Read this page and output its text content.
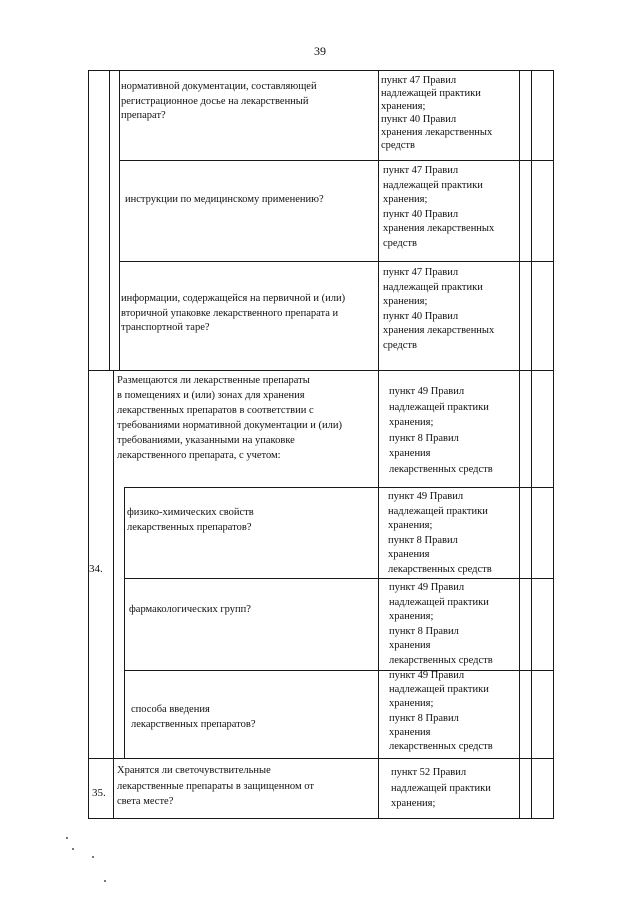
39
нормативной документации, составляющей
регистрационное досье на лекарственный
препарат?
пункт 47 Правил
надлежащей практики
хранения;
пункт 40 Правил
хранения лекарственных
средств
инструкции по медицинскому применению?
пункт 47 Правил
надлежащей практики
хранения;
пункт 40 Правил
хранения лекарственных
средств
информации, содержащейся на первичной и (или)
вторичной упаковке лекарственного препарата и
транспортной таре?
пункт 47 Правил
надлежащей практики
хранения;
пункт 40 Правил
хранения лекарственных
средств
Размещаются ли лекарственные препараты
в помещениях и (или) зонах для хранения
лекарственных препаратов в соответствии с
требованиями нормативной документации и (или)
требованиями, указанными на упаковке
лекарственного препарата, с учетом:
пункт 49 Правил
надлежащей практики
хранения;
пункт 8 Правил
хранения
лекарственных средств
физико-химических свойств
лекарственных препаратов?
пункт 49 Правил
надлежащей практики
хранения;
пункт 8 Правил
хранения
лекарственных средств
фармакологических групп?
пункт 49 Правил
надлежащей практики
хранения;
пункт 8 Правил
хранения
лекарственных средств
способа введения
лекарственных препаратов?
пункт 49 Правил
надлежащей практики
хранения;
пункт 8 Правил
хранения
лекарственных средств
Хранятся ли светочувствительные
лекарственные препараты в защищенном от
света месте?
пункт 52 Правил
надлежащей практики
хранения;
34.
35.
